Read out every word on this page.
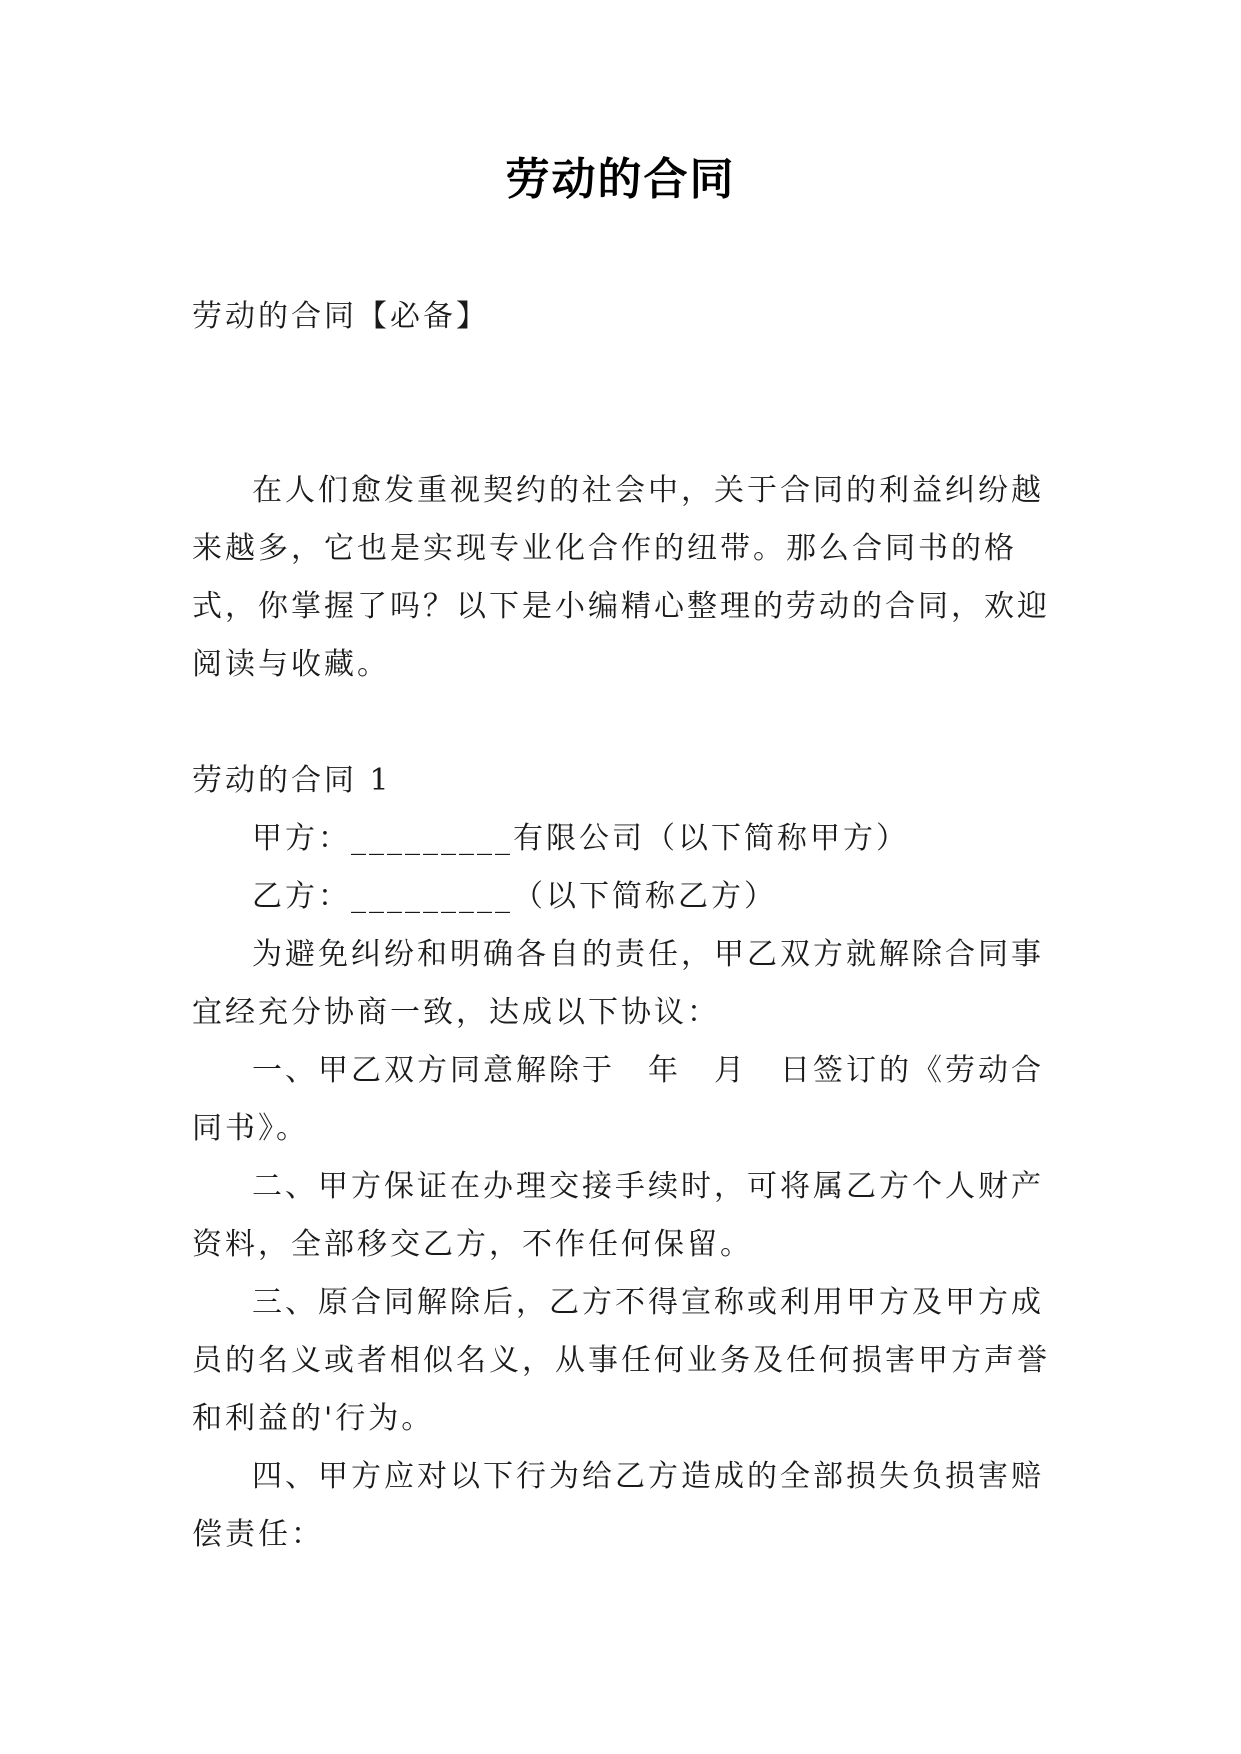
劳动的合同

劳动的合同【必备】

在人们愈发重视契约的社会中，关于合同的利益纠纷越来越多，它也是实现专业化合作的纽带。那么合同书的格式，你掌握了吗？以下是小编精心整理的劳动的合同，欢迎阅读与收藏。

劳动的合同 1

甲方：_________有限公司（以下简称甲方）

乙方：_________（以下简称乙方）

为避免纠纷和明确各自的责任，甲乙双方就解除合同事宜经充分协商一致，达成以下协议：

一、甲乙双方同意解除于　年　月　日签订的《劳动合同书》。

二、甲方保证在办理交接手续时，可将属乙方个人财产资料，全部移交乙方，不作任何保留。

三、原合同解除后，乙方不得宣称或利用甲方及甲方成员的名义或者相似名义，从事任何业务及任何损害甲方声誉和利益的'行为。

四、甲方应对以下行为给乙方造成的全部损失负损害赔偿责任：
